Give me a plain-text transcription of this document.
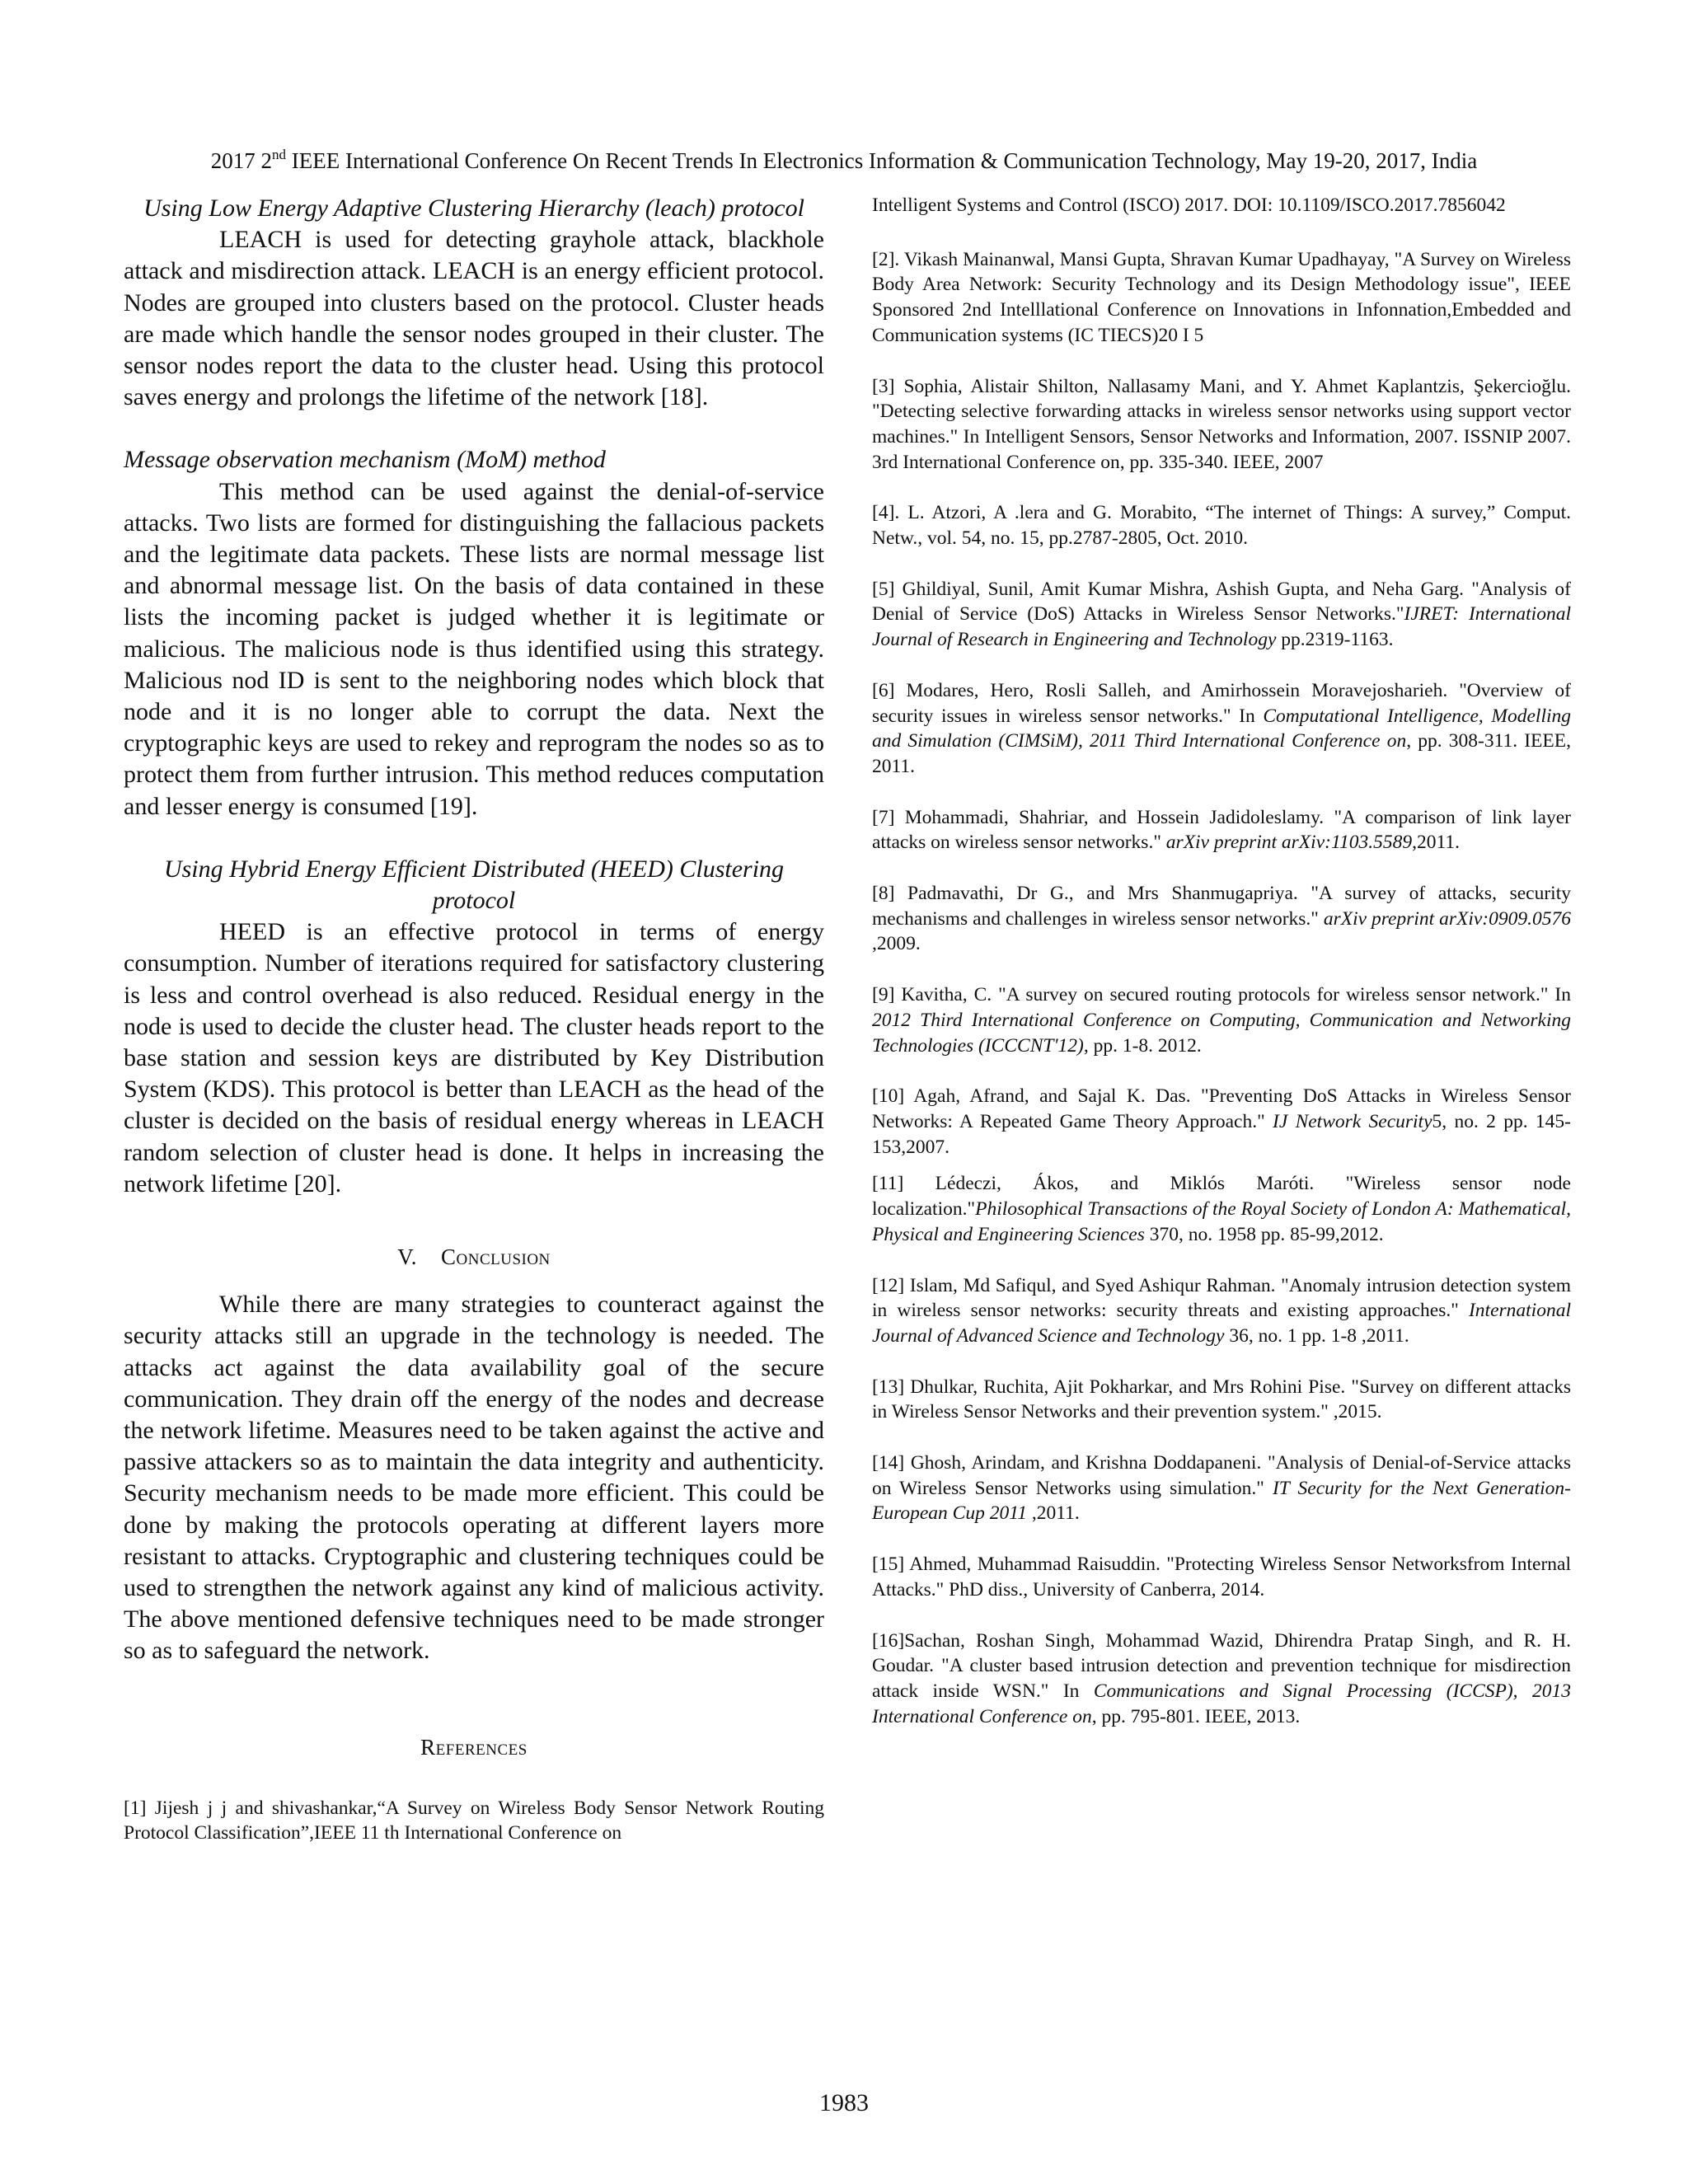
2017 2nd IEEE International Conference On Recent Trends In Electronics Information & Communication Technology, May 19-20, 2017, India

Using Low Energy Adaptive Clustering Hierarchy (leach) protocol

LEACH is used for detecting grayhole attack, blackhole attack and misdirection attack. LEACH is an energy efficient protocol. Nodes are grouped into clusters based on the protocol. Cluster heads are made which handle the sensor nodes grouped in their cluster. The sensor nodes report the data to the cluster head. Using this protocol saves energy and prolongs the lifetime of the network [18].

Message observation mechanism (MoM) method

This method can be used against the denial-of-service attacks. Two lists are formed for distinguishing the fallacious packets and the legitimate data packets. These lists are normal message list and abnormal message list. On the basis of data contained in these lists the incoming packet is judged whether it is legitimate or malicious. The malicious node is thus identified using this strategy. Malicious nod ID is sent to the neighboring nodes which block that node and it is no longer able to corrupt the data. Next the cryptographic keys are used to rekey and reprogram the nodes so as to protect them from further intrusion. This method reduces computation and lesser energy is consumed [19].

Using Hybrid Energy Efficient Distributed (HEED) Clustering protocol

HEED is an effective protocol in terms of energy consumption. Number of iterations required for satisfactory clustering is less and control overhead is also reduced. Residual energy in the node is used to decide the cluster head. The cluster heads report to the base station and session keys are distributed by Key Distribution System (KDS). This protocol is better than LEACH as the head of the cluster is decided on the basis of residual energy whereas in LEACH random selection of cluster head is done. It helps in increasing the network lifetime [20].

V.    Conclusion

While there are many strategies to counteract against the security attacks still an upgrade in the technology is needed. The attacks act against the data availability goal of the secure communication. They drain off the energy of the nodes and decrease the network lifetime. Measures need to be taken against the active and passive attackers so as to maintain the data integrity and authenticity. Security mechanism needs to be made more efficient. This could be done by making the protocols operating at different layers more resistant to attacks. Cryptographic and clustering techniques could be used to strengthen the network against any kind of malicious activity. The above mentioned defensive techniques need to be made stronger so as to safeguard the network.

References

[1] Jijesh j j and shivashankar,“A Survey on Wireless Body Sensor Network Routing Protocol Classification”,IEEE 11 th International Conference on

Intelligent Systems and Control (ISCO) 2017. DOI: 10.1109/ISCO.2017.7856042

[2]. Vikash Mainanwal, Mansi Gupta, Shravan Kumar Upadhayay, "A Survey on Wireless Body Area Network: Security Technology and its Design Methodology issue", IEEE Sponsored 2nd Intelllational Conference on Innovations in Infonnation,Embedded and Communication systems (IC TIECS)20 I 5

[3] Sophia, Alistair Shilton, Nallasamy Mani, and Y. Ahmet Kaplantzis, Şekercioğlu. "Detecting selective forwarding attacks in wireless sensor networks using support vector machines." In Intelligent Sensors, Sensor Networks and Information, 2007. ISSNIP 2007. 3rd International Conference on, pp. 335-340. IEEE, 2007

[4]. L. Atzori, A .lera and G. Morabito, “The internet of Things: A survey,” Comput. Netw., vol. 54, no. 15, pp.2787-2805, Oct. 2010.

[5] Ghildiyal, Sunil, Amit Kumar Mishra, Ashish Gupta, and Neha Garg. "Analysis of Denial of Service (DoS) Attacks in Wireless Sensor Networks."IJRET: International Journal of Research in Engineering and Technology pp.2319-1163.

[6] Modares, Hero, Rosli Salleh, and Amirhossein Moravejosharieh. "Overview of security issues in wireless sensor networks." In Computational Intelligence, Modelling and Simulation (CIMSiM), 2011 Third International Conference on, pp. 308-311. IEEE, 2011.

[7] Mohammadi, Shahriar, and Hossein Jadidoleslamy. "A comparison of link layer attacks on wireless sensor networks." arXiv preprint arXiv:1103.5589,2011.

[8] Padmavathi, Dr G., and Mrs Shanmugapriya. "A survey of attacks, security mechanisms and challenges in wireless sensor networks." arXiv preprint arXiv:0909.0576 ,2009.

[9] Kavitha, C. "A survey on secured routing protocols for wireless sensor network." In 2012 Third International Conference on Computing, Communication and Networking Technologies (ICCCNT'12), pp. 1-8. 2012.

[10] Agah, Afrand, and Sajal K. Das. "Preventing DoS Attacks in Wireless Sensor Networks: A Repeated Game Theory Approach." IJ Network Security5, no. 2 pp. 145-153,2007.

[11] Lédeczi, Ákos, and Miklós Maróti. "Wireless sensor node localization."Philosophical Transactions of the Royal Society of London A: Mathematical, Physical and Engineering Sciences 370, no. 1958 pp. 85-99,2012.

[12] Islam, Md Safiqul, and Syed Ashiqur Rahman. "Anomaly intrusion detection system in wireless sensor networks: security threats and existing approaches." International Journal of Advanced Science and Technology 36, no. 1 pp. 1-8 ,2011.

[13] Dhulkar, Ruchita, Ajit Pokharkar, and Mrs Rohini Pise. "Survey on different attacks in Wireless Sensor Networks and their prevention system." ,2015.

[14] Ghosh, Arindam, and Krishna Doddapaneni. "Analysis of Denial-of-Service attacks on Wireless Sensor Networks using simulation." IT Security for the Next Generation-European Cup 2011 ,2011.

[15] Ahmed, Muhammad Raisuddin. "Protecting Wireless Sensor Networksfrom Internal Attacks." PhD diss., University of Canberra, 2014.

[16]Sachan, Roshan Singh, Mohammad Wazid, Dhirendra Pratap Singh, and R. H. Goudar. "A cluster based intrusion detection and prevention technique for misdirection attack inside WSN." In Communications and Signal Processing (ICCSP), 2013 International Conference on, pp. 795-801. IEEE, 2013.

1983
